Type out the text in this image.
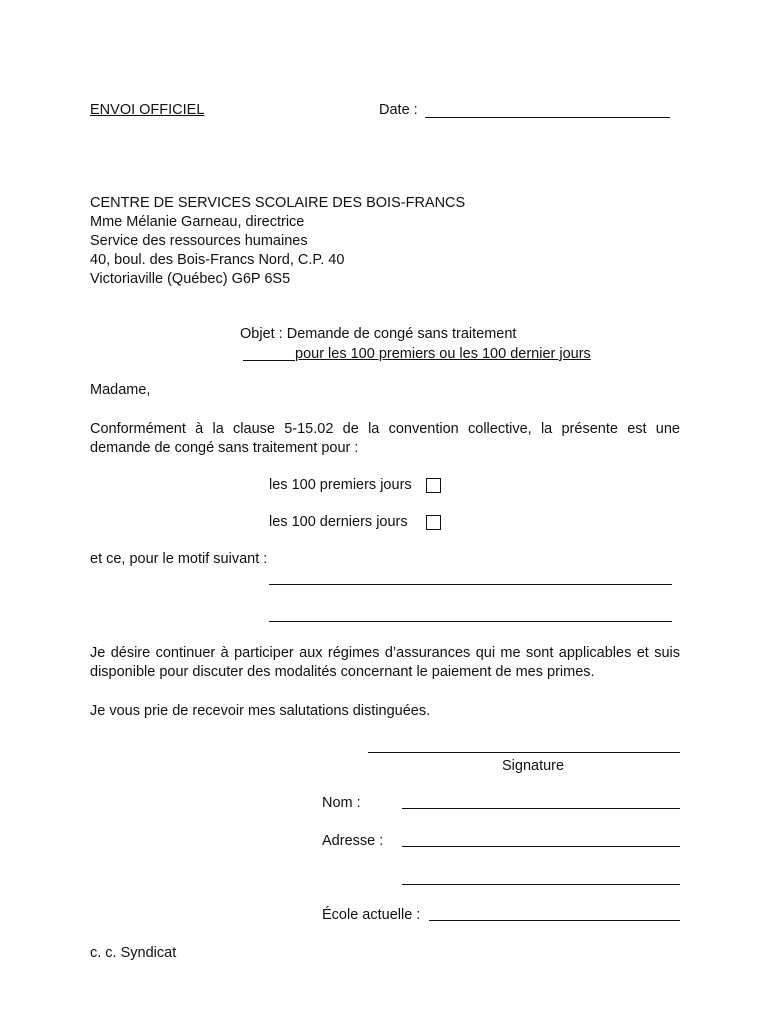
ENVOI OFFICIEL	Date :
CENTRE DE SERVICES SCOLAIRE DES BOIS-FRANCS
Mme Mélanie Garneau, directrice
Service des ressources humaines
40, boul. des Bois-Francs Nord, C.P. 40
Victoriaville (Québec) G6P 6S5
Objet : Demande de congé sans traitement
pour les 100 premiers ou les 100 dernier jours
Madame,
Conformément à la clause 5-15.02 de la convention collective, la présente est une demande de congé sans traitement pour :
les 100 premiers jours
les 100 derniers jours
et ce, pour le motif suivant :
Je désire continuer à participer aux régimes d’assurances qui me sont applicables et suis disponible pour discuter des modalités concernant le paiement de mes primes.
Je vous prie de recevoir mes salutations distinguées.
Signature
Nom :
Adresse :
École actuelle :
c. c. Syndicat
